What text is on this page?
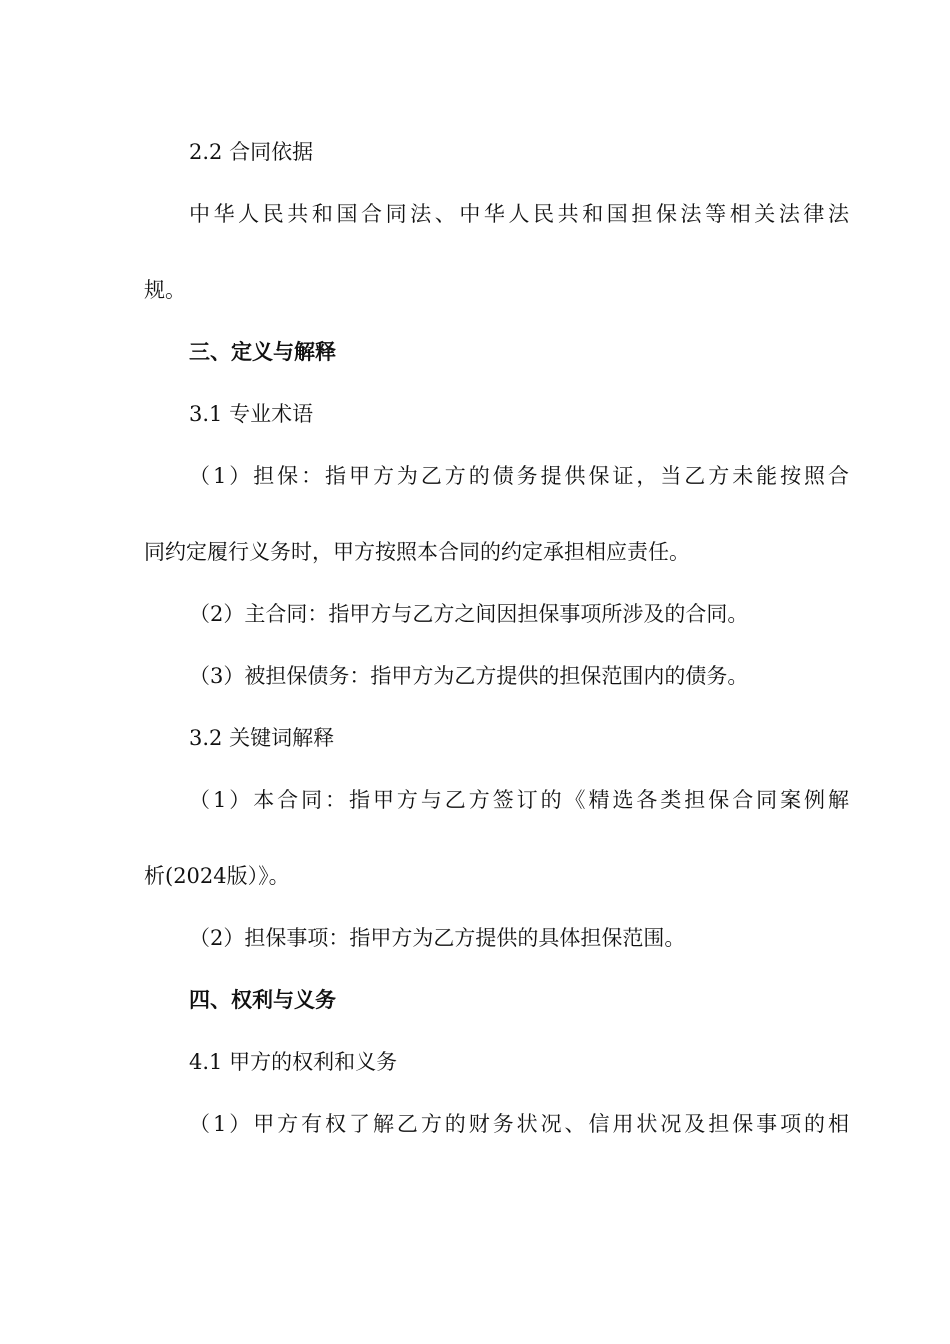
2.2 合同依据

中华人民共和国合同法、中华人民共和国担保法等相关法律法

规。

三、定义与解释

3.1 专业术语

（1）担保：指甲方为乙方的债务提供保证，当乙方未能按照合

同约定履行义务时，甲方按照本合同的约定承担相应责任。

（2）主合同：指甲方与乙方之间因担保事项所涉及的合同。

（3）被担保债务：指甲方为乙方提供的担保范围内的债务。

3.2 关键词解释

（1）本合同：指甲方与乙方签订的《精选各类担保合同案例解

析(2024版）》。

（2）担保事项：指甲方为乙方提供的具体担保范围。

四、权利与义务

4.1 甲方的权利和义务

（1）甲方有权了解乙方的财务状况、信用状况及担保事项的相
